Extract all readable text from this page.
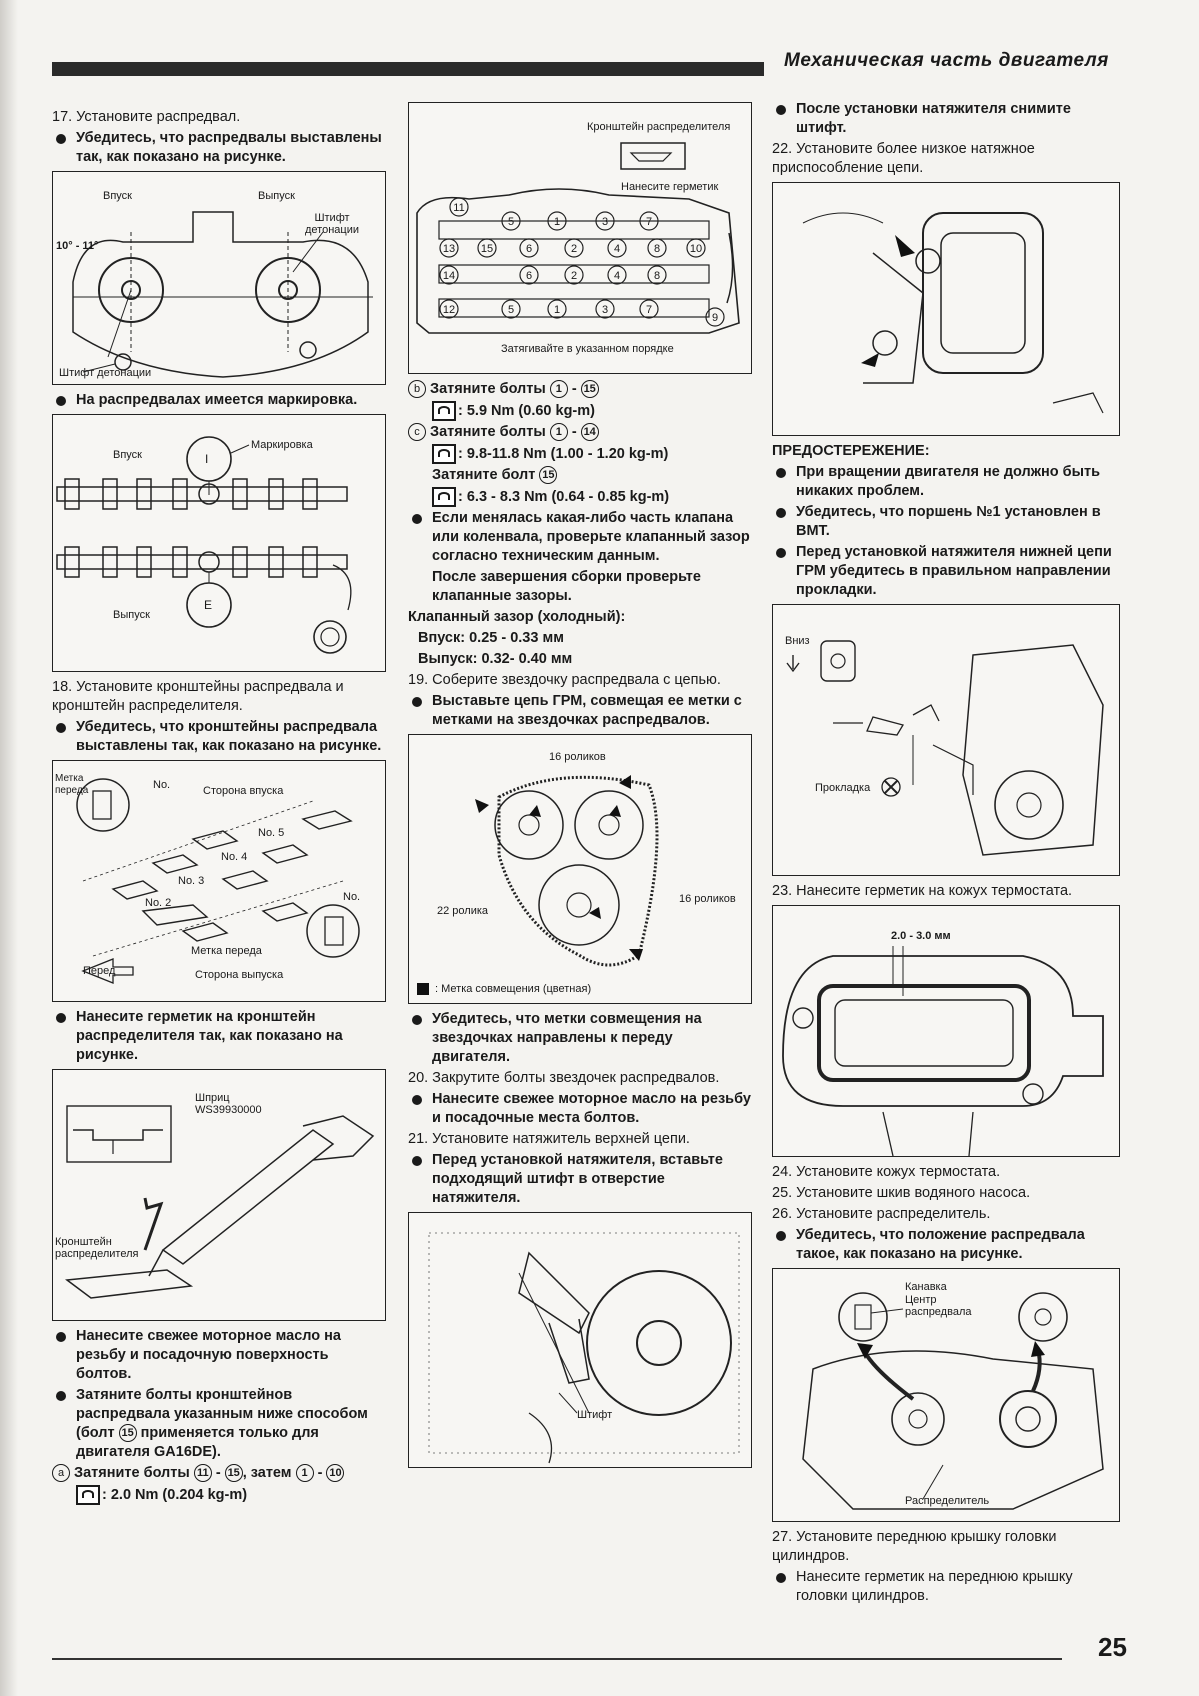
Механическая часть двигателя

17. Установите распредвал.

Убедитесь, что распредвалы выставлены так, как показано на рисунке.

Впуск	Выпуск
Штифт детонации
10° - 11°
Штифт детонации

На распредвалах имеется маркировка.

Впуск
Маркировка
I
Выпуск
E

18. Установите кронштейны распредвала и кронштейн распределителя.

Убедитесь, что кронштейны распредвала выставлены так, как показано на рисунке.

Метка переда	No.	Сторона впуска
No. 5
No. 4
No. 3
No. 2	No.
Метка переда
Перед	Сторона выпуска

Нанесите герметик на кронштейн распределителя так, как показано на рисунке.

Шприц WS39930000
Кронштейн распределителя

Нанесите свежее моторное масло на резьбу и посадочную поверхность болтов.

Затяните болты кронштейнов распредвала указанным ниже способом (болт 15 применяется только для двигателя GA16DE).

a Затяните болты 11 - 15 , затем 1 - 10

: 2.0 Nm (0.204 kg-m)

11
5	1	3	7
13 15	6	2	4	8	10
14	6	2	4	8
12	5	1	3	7
9
Кронштейн распределителя
Нанесите герметик
Затягивайте в указанном порядке

b Затяните болты 1 - 15

: 5.9 Nm (0.60 kg-m)

c Затяните болты 1 - 14

: 9.8-11.8 Nm (1.00 - 1.20 kg-m)

Затяните болт 15

: 6.3 - 8.3 Nm (0.64 - 0.85 kg-m)

Если менялась какая-либо часть клапана или коленвала, проверьте клапанный зазор согласно техническим данным.

После завершения сборки проверьте клапанные зазоры.

Клапанный зазор (холодный):

Впуск: 0.25 - 0.33 мм

Выпуск: 0.32- 0.40 мм

19. Соберите звездочку распредвала с цепью.

Выставьте цепь ГРМ, совмещая ее метки с метками на звездочках распредвалов.

16 роликов
22 ролика
16 роликов
: Метка совмещения (цветная)

Убедитесь, что метки совмещения на звездочках направлены к переду двигателя.

20. Закрутите болты звездочек распредвалов.

Нанесите свежее моторное масло на резьбу и посадочные места болтов.

21. Установите натяжитель верхней цепи.

Перед установкой натяжителя, вставьте подходящий штифт в отверстие натяжителя.

Штифт

После установки натяжителя снимите штифт.

22. Установите более низкое натяжное приспособление цепи.

ПРЕДОСТЕРЕЖЕНИЕ:

При вращении двигателя не должно быть никаких проблем.

Убедитесь, что поршень №1 установлен в ВМТ.

Перед установкой натяжителя нижней цепи ГРМ убедитесь в правильном направлении прокладки.

Вниз
Прокладка

23. Нанесите герметик на кожух термостата.

2.0 - 3.0 мм

24. Установите кожух термостата.

25. Установите шкив водяного насоса.

26. Установите распределитель.

Убедитесь, что положение распредвала такое, как показано на рисунке.

Канавка
Центр распредвала
Распределитель

27. Установите переднюю крышку головки цилиндров.

Нанесите герметик на переднюю крышку головки цилиндров.

25
